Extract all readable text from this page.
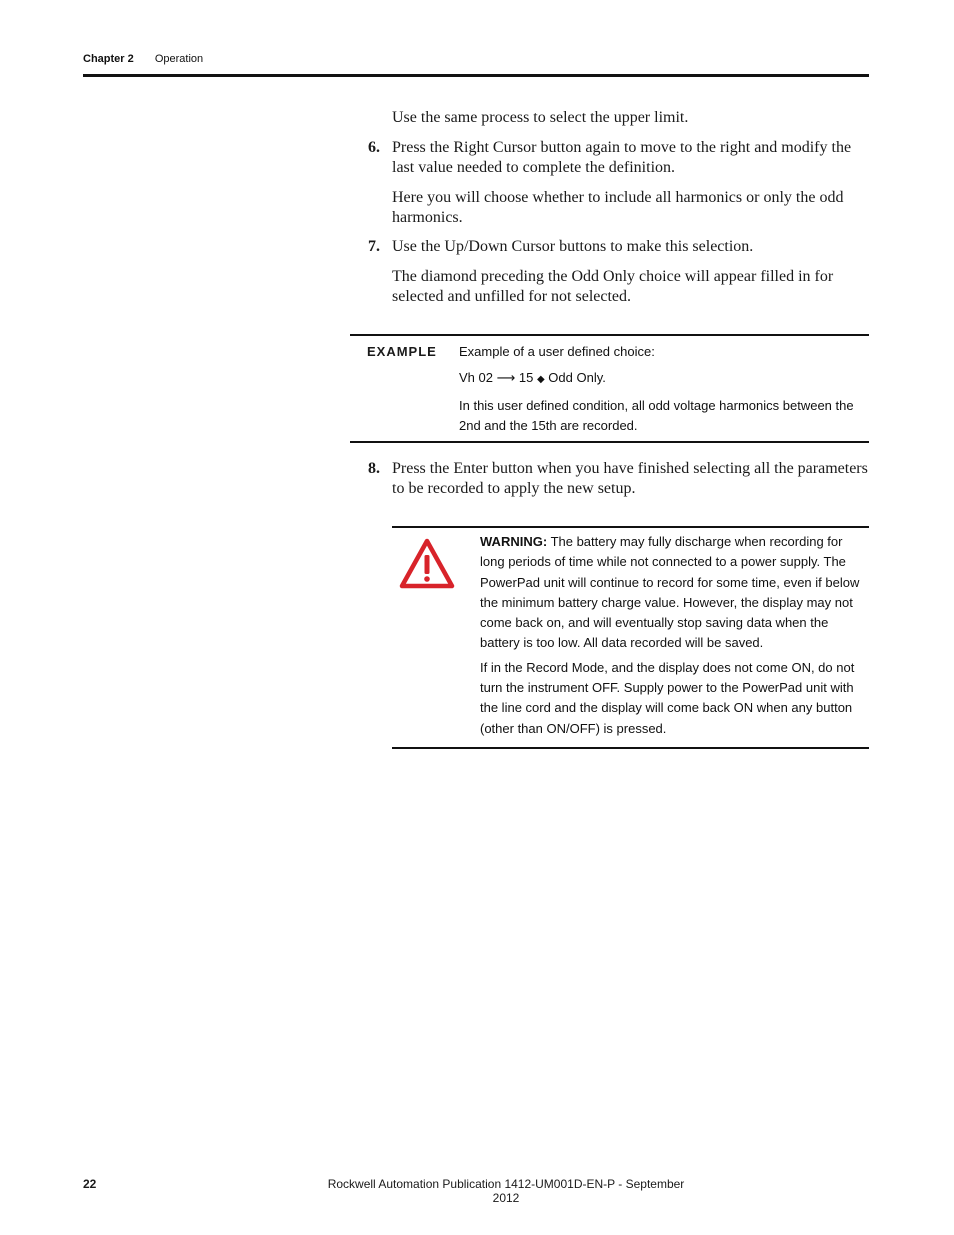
Chapter 2 Operation
Use the same process to select the upper limit.
6. Press the Right Cursor button again to move to the right and modify the last value needed to complete the definition.
Here you will choose whether to include all harmonics or only the odd harmonics.
7. Use the Up/Down Cursor buttons to make this selection.
The diamond preceding the Odd Only choice will appear filled in for selected and unfilled for not selected.
EXAMPLE Example of a user defined choice:

Vh 02 ⟶ 15 ◆ Odd Only.

In this user defined condition, all odd voltage harmonics between the 2nd and the 15th are recorded.

8. Press the Enter button when you have finished selecting all the parameters to be recorded to apply the new setup.

WARNING: The battery may fully discharge when recording for long periods of time while not connected to a power supply. The PowerPad unit will continue to record for some time, even if below the minimum battery charge value. However, the display may not come back on, and will eventually stop saving data when the battery is too low. All data recorded will be saved.

If in the Record Mode, and the display does not come ON, do not turn the instrument OFF. Supply power to the PowerPad unit with the line cord and the display will come back ON when any button (other than ON/OFF) is pressed.

22	Rockwell Automation Publication 1412-UM001D-EN-P - September 2012
